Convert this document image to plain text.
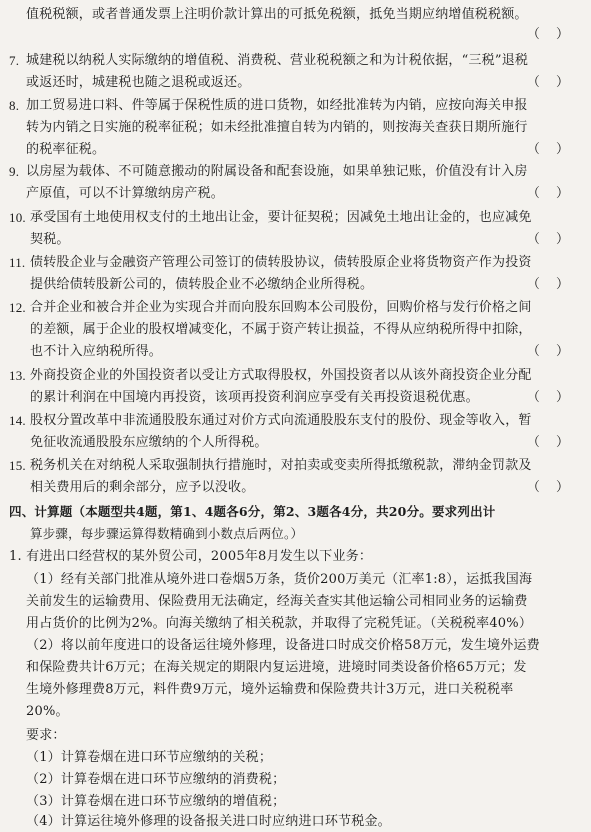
值税税额，或者普通发票上注明价款计算出的可抵免税额，抵免当期应纳增值税税额。
（ ）
7. 城建税以纳税人实际缴纳的增值税、消费税、营业税税额之和为计税依据，“三税”退税
或返还时，城建税也随之退税或返还。	（ ）
8. 加工贸易进口料、件等属于保税性质的进口货物，如经批准转为内销，应按向海关申报
转为内销之日实施的税率征税；如未经批准擅自转为内销的，则按海关查获日期所施行
的税率征税。	（ ）
9. 以房屋为载体、不可随意搬动的附属设备和配套设施，如果单独记账，价值没有计入房
产原值，可以不计算缴纳房产税。	（ ）
10. 承受国有土地使用权支付的土地出让金，要计征契税；因减免土地出让金的，也应减免
契税。	（ ）
11. 债转股企业与金融资产管理公司签订的债转股协议，债转股原企业将货物资产作为投资
提供给债转股新公司的，债转股企业不必缴纳企业所得税。	（ ）
12. 合并企业和被合并企业为实现合并而向股东回购本公司股份，回购价格与发行价格之间
的差额，属于企业的股权增减变化，不属于资产转让损益，不得从应纳税所得中扣除，
也不计入应纳税所得。	（ ）
13. 外商投资企业的外国投资者以受让方式取得股权，外国投资者以从该外商投资企业分配
的累计利润在中国境内再投资，该项再投资利润应享受有关再投资退税优惠。	（ ）
14. 股权分置改革中非流通股股东通过对价方式向流通股股东支付的股份、现金等收入，暂
免征收流通股股东应缴纳的个人所得税。	（ ）
15. 税务机关在对纳税人采取强制执行措施时，对拍卖或变卖所得抵缴税款，滞纳金罚款及
相关费用后的剩余部分，应予以没收。	（ ）
四、计算题（本题型共4题，第1、4题各6分，第2、3题各4分，共20分。要求列出计
算步骤，每步骤运算得数精确到小数点后两位。）
1. 有进出口经营权的某外贸公司，2005年8月发生以下业务：
（1）经有关部门批准从境外进口卷烟5万条，货价200万美元（汇率1:8），运抵我国海
关前发生的运输费用、保险费用无法确定，经海关查实其他运输公司相同业务的运输费
用占货价的比例为2%。向海关缴纳了相关税款，并取得了完税凭证。（关税税率40%）
（2）将以前年度进口的设备运往境外修理，设备进口时成交价格58万元，发生境外运费
和保险费共计6万元；在海关规定的期限内复运进境，进境时同类设备价格65万元；发
生境外修理费8万元，料件费9万元，境外运输费和保险费共计3万元，进口关税税率
20%。
要求：
（1）计算卷烟在进口环节应缴纳的关税；
（2）计算卷烟在进口环节应缴纳的消费税；
（3）计算卷烟在进口环节应缴纳的增值税；
（4）计算运往境外修理的设备报关进口时应纳进口环节税金。
